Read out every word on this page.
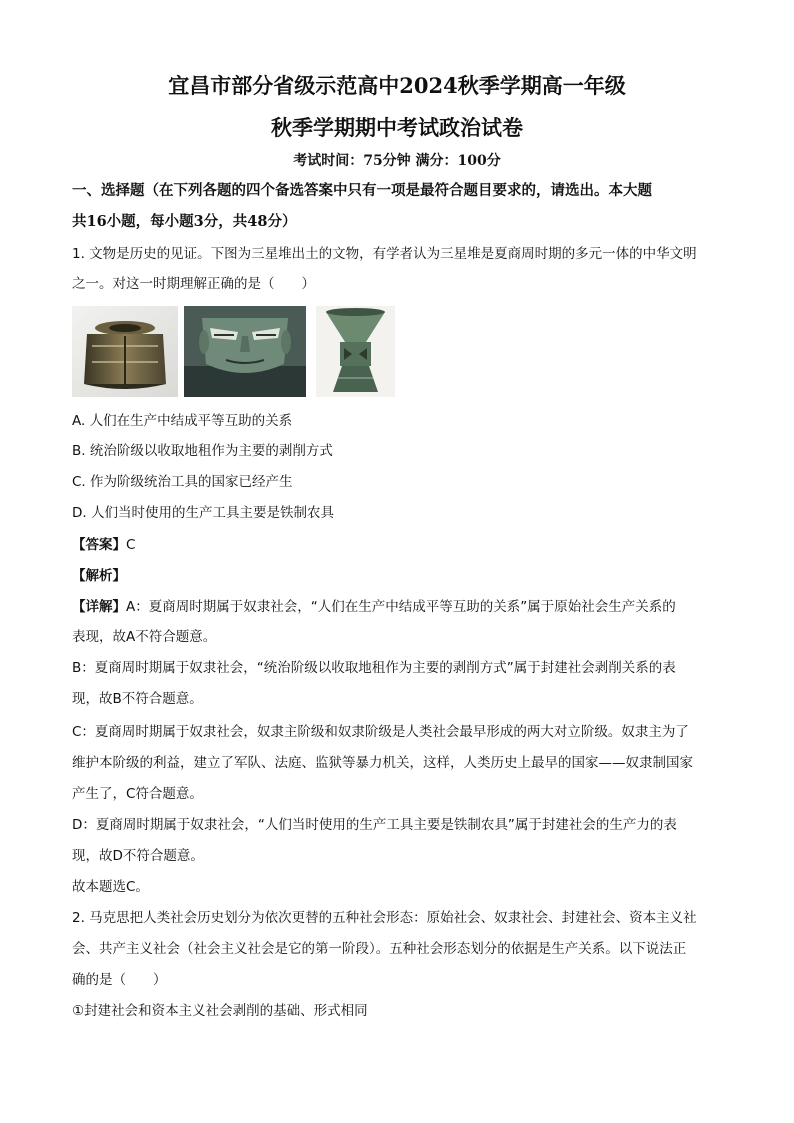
宜昌市部分省级示范高中2024秋季学期高一年级
秋季学期期中考试政治试卷
考试时间：75分钟 满分：100分
一、选择题（在下列各题的四个备选答案中只有一项是最符合题目要求的，请选出。本大题
共16小题，每小题3分，共48分）
1. 文物是历史的见证。下图为三星堆出土的文物，有学者认为三星堆是夏商周时期的多元一体的中华文明
之一。对这一时期理解正确的是（　　）
A. 人们在生产中结成平等互助的关系
B. 统治阶级以收取地租作为主要的剥削方式
C. 作为阶级统治工具的国家已经产生
D. 人们当时使用的生产工具主要是铁制农具
【答案】C
【解析】
【详解】A：夏商周时期属于奴隶社会，“人们在生产中结成平等互助的关系”属于原始社会生产关系的
表现，故A不符合题意。
B：夏商周时期属于奴隶社会，“统治阶级以收取地租作为主要的剥削方式”属于封建社会剥削关系的表
现，故B不符合题意。
C：夏商周时期属于奴隶社会，奴隶主阶级和奴隶阶级是人类社会最早形成的两大对立阶级。奴隶主为了
维护本阶级的利益，建立了军队、法庭、监狱等暴力机关，这样，人类历史上最早的国家——奴隶制国家
产生了，C符合题意。
D：夏商周时期属于奴隶社会，“人们当时使用的生产工具主要是铁制农具”属于封建社会的生产力的表
现，故D不符合题意。
故本题选C。
2. 马克思把人类社会历史划分为依次更替的五种社会形态：原始社会、奴隶社会、封建社会、资本主义社
会、共产主义社会（社会主义社会是它的第一阶段）。五种社会形态划分的依据是生产关系。以下说法正
确的是（　　）
①封建社会和资本主义社会剥削的基础、形式相同
